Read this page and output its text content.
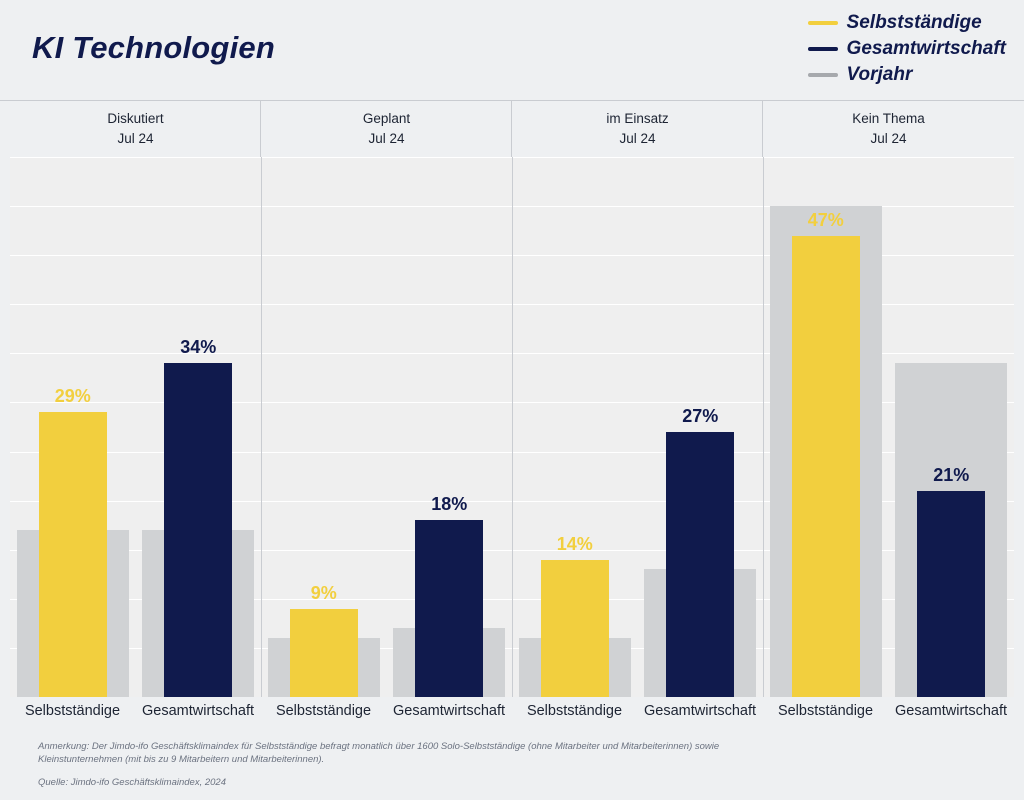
KI Technologien
Selbstständige
Gesamtwirtschaft
Vorjahr
Diskutiert
Jul 24
Geplant
Jul 24
im Einsatz
Jul 24
Kein Thema
Jul 24
29%
34%
9%
18%
14%
27%
47%
21%
Selbstständige	Gesamtwirtschaft	Selbstständige	Gesamtwirtschaft	Selbstständige	Gesamtwirtschaft	Selbstständige	Gesamtwirtschaft
Anmerkung: Der Jimdo-ifo Geschäftsklimaindex für Selbstständige befragt monatlich über 1600 Solo-Selbstständige (ohne Mitarbeiter und Mitarbeiterinnen) sowie Kleinstunternehmen (mit bis zu 9 Mitarbeitern und Mitarbeiterinnen).
Quelle: Jimdo-ifo Geschäftsklimaindex, 2024
